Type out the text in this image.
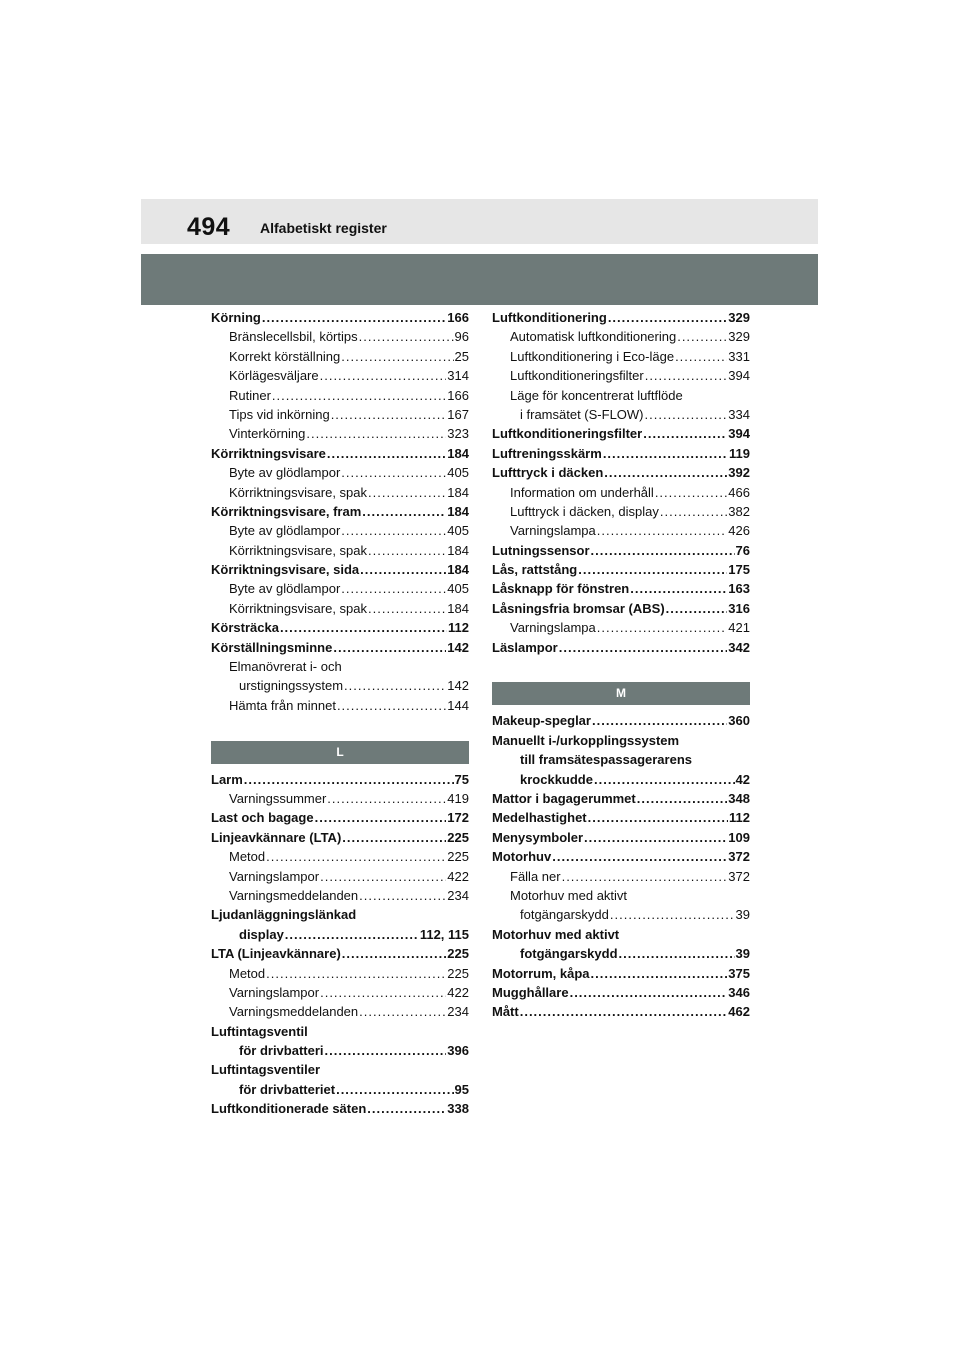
494 Alfabetiskt register
Körning .....	166
Bränslecellsbil, körtips .....	96
Korrekt körställning .....	25
Körlägesväljare .....	314
Rutiner .....	166
Tips vid inkörning .....	167
Vinterkörning .....	323
Körriktningsvisare .....	184
Byte av glödlampor .....	405
Körriktningsvisare, spak .....	184
Körriktningsvisare, fram .....	184
Byte av glödlampor .....	405
Körriktningsvisare, spak .....	184
Körriktningsvisare, sida .....	184
Byte av glödlampor .....	405
Körriktningsvisare, spak .....	184
Körsträcka .....	112
Körställningsminne .....	142
Elmanövrerat i- och
urstigningssystem .....	142
Hämta från minnet .....	144
L
Larm .....	75
Varningssummer .....	419
Last och bagage .....	172
Linjeavkännare (LTA) .....	225
Metod .....	225
Varningslampor .....	422
Varningsmeddelanden .....	234
Ljudanläggningslänkad
display .....	112, 115
LTA (Linjeavkännare) .....	225
Metod .....	225
Varningslampor .....	422
Varningsmeddelanden .....	234
Luftintagsventil
för drivbatteri .....	396
Luftintagsventiler
för drivbatteriet .....	95
Luftkonditionerade säten .....	338
Luftkonditionering .....	329
Automatisk luftkonditionering .....	329
Luftkonditionering i Eco-läge .....	331
Luftkonditioneringsfilter .....	394
Läge för koncentrerat luftflöde
i framsätet (S-FLOW) .....	334
Luftkonditioneringsfilter .....	394
Luftreningsskärm .....	119
Lufttryck i däcken .....	392
Information om underhåll .....	466
Lufttryck i däcken, display .....	382
Varningslampa .....	426
Lutningssensor .....	76
Lås, rattstång .....	175
Låsknapp för fönstren .....	163
Låsningsfria bromsar (ABS) .....	316
Varningslampa .....	421
Läslampor .....	342
M
Makeup-speglar .....	360
Manuellt i-/urkopplingssystem
till framsätespassagerarens
krockkudde .....	42
Mattor i bagagerummet .....	348
Medelhastighet .....	112
Menysymboler .....	109
Motorhuv .....	372
Fälla ner .....	372
Motorhuv med aktivt
fotgängarskydd .....	39
Motorhuv med aktivt
fotgängarskydd .....	39
Motorrum, kåpa .....	375
Mugghållare .....	346
Mått .....	462
